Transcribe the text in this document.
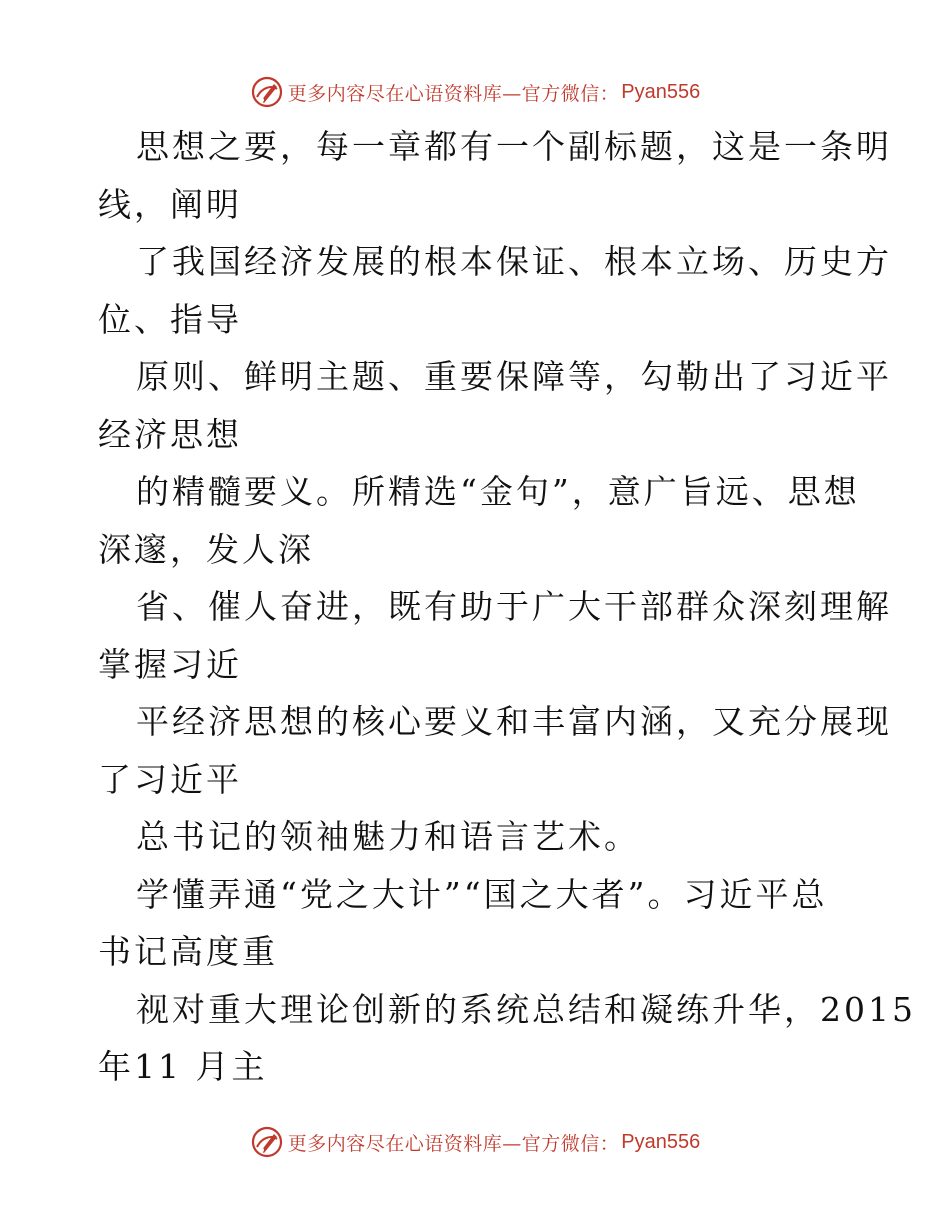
更多内容尽在心语资料库—官方微信： Pyan556
思想之要，每一章都有一个副标题，这是一条明
线，阐明
了我国经济发展的根本保证、根本立场、历史方
位、指导
原则、鲜明主题、重要保障等，勾勒出了习近平
经济思想
的精髓要义。所精选“金句”，意广旨远、思想
深邃，发人深
省、催人奋进，既有助于广大干部群众深刻理解
掌握习近
平经济思想的核心要义和丰富内涵，又充分展现
了习近平
总书记的领袖魅力和语言艺术。
学懂弄通“党之大计”“国之大者”。习近平总
书记高度重
视对重大理论创新的系统总结和凝练升华，2015
年11 月主
更多内容尽在心语资料库—官方微信： Pyan556
